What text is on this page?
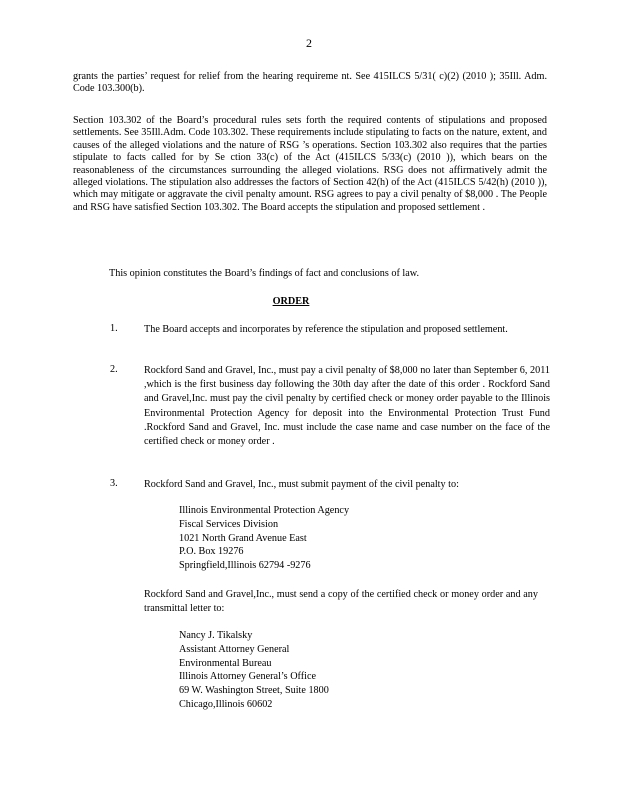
2

grants the parties’ request for relief from the hearing requireme nt. See 415ILCS 5/31( c)(2) (2010 ); 35Ill. Adm. Code 103.300(b).

Section 103.302 of the Board’s procedural rules sets forth the required contents of stipulations and proposed settlements. See 35Ill.Adm. Code 103.302. These requirements include stipulating to facts on the nature, extent, and causes of the alleged violations and the nature of RSG ’s operations. Section 103.302 also requires that the parties stipulate to facts called for by Se ction 33(c) of the Act (415ILCS 5/33(c) (2010 )), which bears on the reasonableness of the circumstances surrounding the alleged violations. RSG does not affirmatively admit the alleged violations. The stipulation also addresses the factors of Section 42(h) of the Act (415ILCS 5/42(h) (2010 )), which may mitigate or aggravate the civil penalty amount. RSG agrees to pay a civil penalty of $8,000 . The People and RSG have satisfied Section 103.302. The Board accepts the stipulation and proposed settlement .

This opinion constitutes the Board’s findings of fact and conclusions of law.

ORDER
1.	The Board accepts and incorporates by reference the stipulation and proposed settlement.
2.	Rockford Sand and Gravel, Inc., must pay a civil penalty of $8,000 no later than September 6, 2011 ,which is the first business day following the 30th day after the date of this order . Rockford Sand and Gravel,Inc. must pay the civil penalty by certified check or money order payable to the Illinois Environmental Protection Agency for deposit into the Environmental Protection Trust Fund .Rockford Sand and Gravel, Inc. must include the case name and case number on the face of the certified check or money order .
3.	Rockford Sand and Gravel, Inc., must submit payment of the civil penalty to:
Illinois Environmental Protection Agency
Fiscal Services Division
1021 North Grand Avenue East
P.O. Box 19276
Springfield,Illinois 62794 -9276

Rockford Sand and Gravel,Inc., must send a copy of the certified check or money order and any transmittal letter to:

Nancy J. Tikalsky
Assistant Attorney General
Environmental Bureau
Illinois Attorney General’s Office
69 W. Washington Street, Suite 1800
Chicago,Illinois 60602
